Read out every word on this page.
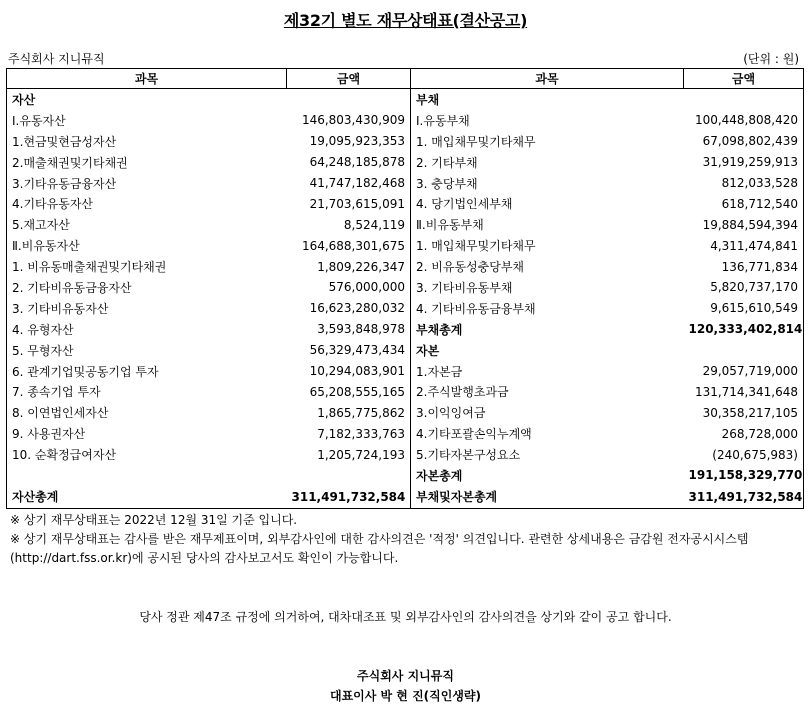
제32기 별도 재무상태표(결산공고)
주식회사 지니뮤직	(단위 : 원)
과목	금액	과목	금액
자산		부채	
Ⅰ.유동자산	146,803,430,909	Ⅰ.유동부채	100,448,808,420
1.현금및현금성자산	19,095,923,353	1. 매입채무및기타채무	67,098,802,439
2.매출채권및기타채권	64,248,185,878	2. 기타부채	31,919,259,913
3.기타유동금융자산	41,747,182,468	3. 충당부채	812,033,528
4.기타유동자산	21,703,615,091	4. 당기법인세부채	618,712,540
5.재고자산	8,524,119	Ⅱ.비유동부채	19,884,594,394
Ⅱ.비유동자산	164,688,301,675	1. 매입채무및기타채무	4,311,474,841
1. 비유동매출채권및기타채권	1,809,226,347	2. 비유동성충당부채	136,771,834
2. 기타비유동금융자산	576,000,000	3. 기타비유동부채	5,820,737,170
3. 기타비유동자산	16,623,280,032	4. 기타비유동금융부채	9,615,610,549
4. 유형자산	3,593,848,978	부채총계	120,333,402,814
5. 무형자산	56,329,473,434	자본	
6. 관계기업및공동기업 투자	10,294,083,901	1.자본금	29,057,719,000
7. 종속기업 투자	65,208,555,165	2.주식발행초과금	131,714,341,648
8. 이연법인세자산	1,865,775,862	3.이익잉여금	30,358,217,105
9. 사용권자산	7,182,333,763	4.기타포괄손익누계액	268,728,000
10. 순확정급여자산	1,205,724,193	5.기타자본구성요소	(240,675,983)
		자본총계	191,158,329,770
자산총계	311,491,732,584	부채및자본총계	311,491,732,584
※ 상기 재무상태표는 2022년 12월 31일 기준 입니다.
※ 상기 재무상태표는 감사를 받은 재무제표이며, 외부감사인에 대한 감사의견은 '적정' 의견입니다. 관련한 상세내용은 금감원 전자공시시스템(http://dart.fss.or.kr)에 공시된 당사의 감사보고서도 확인이 가능합니다.
당사 정관 제47조 규정에 의거하여, 대차대조표 및 외부감사인의 감사의견을 상기와 같이 공고 합니다.
주식회사 지니뮤직
대표이사 박 현 진(직인생략)
